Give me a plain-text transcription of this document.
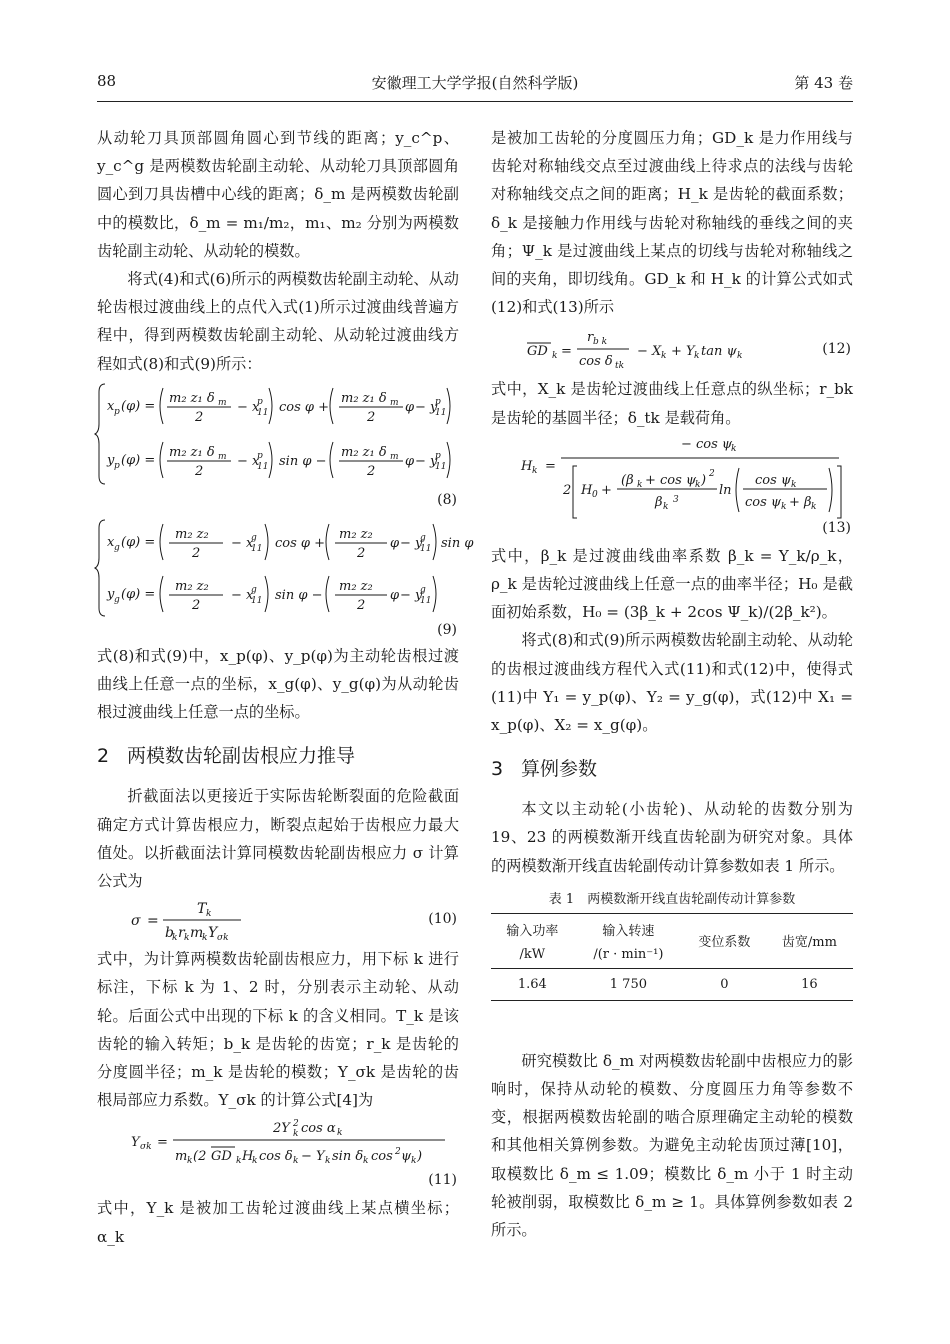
88	安徽理工大学学报(自然科学版)	第 43 卷

从动轮刀具顶部圆角圆心到节线的距离；y_c^p、y_c^g 是两模数齿轮副主动轮、从动轮刀具顶部圆角圆心到刀具齿槽中心线的距离；δ_m 是两模数齿轮副中的模数比，δ_m = m₁/m₂，m₁、m₂ 分别为两模数齿轮副主动轮、从动轮的模数。

将式(4)和式(6)所示的两模数齿轮副主动轮、从动轮齿根过渡曲线上的点代入式(1)所示过渡曲线普遍方程中，得到两模数齿轮副主动轮、从动轮过渡曲线方程如式(8)和式(9)所示：

x p (φ) =
m₂ z₁ δ m
2
− x
p
11 cos φ +
m₂ z₁ δ m
2
φ − y
p
11
y p (φ) =
m₂ z₁ δ m
2
− x
p
11 sin φ −
m₂ z₁ δ m
2
φ − y
p
11
(8)
x g (φ) =
m₂ z₂
2
− x
g
11 cos φ +
m₂ z₂
2
φ − y
g
11 sin φ
y g (φ) =
m₂ z₂
2
− x
g
11 sin φ −
m₂ z₂
2
φ − y
g
11
(9)

式(8)和式(9)中，x_p(φ)、y_p(φ)为主动轮齿根过渡曲线上任意一点的坐标，x_g(φ)、y_g(φ)为从动轮齿根过渡曲线上任意一点的坐标。

2 两模数齿轮副齿根应力推导

折截面法以更接近于实际齿轮断裂面的危险截面确定方式计算齿根应力，断裂点起始于齿根应力最大值处。以折截面法计算同模数齿轮副齿根应力 σ 计算公式为

σ =
T k
b
k r k m
k Y σk
(10)

式中，为计算两模数齿轮副齿根应力，用下标 k 进行标注，下标 k 为 1、2 时，分别表示主动轮、从动轮。后面公式中出现的下标 k 的含义相同。T_k 是该齿轮的输入转矩；b_k 是齿轮的齿宽；r_k 是齿轮的分度圆半径；m_k 是齿轮的模数；Y_σk 是齿轮的齿根局部应力系数。Y_σk 的计算公式[4]为

Y σk =
2Y 2
k cos α k
m k (2 GD k H
k cos δ k − Y k sin δ k cos 2 ψ k )
(11)

式中，Y_k 是被加工齿轮过渡曲线上某点横坐标；α_k

是被加工齿轮的分度圆压力角；GD_k 是力作用线与齿轮对称轴线交点至过渡曲线上待求点的法线与齿轮对称轴线交点之间的距离；H_k 是齿轮的截面系数；δ_k 是接触力作用线与齿轮对称轴线的垂线之间的夹角；Ψ_k 是过渡曲线上某点的切线与齿轮对称轴线之间的夹角，即切线角。GD_k 和 H_k 的计算公式如式(12)和式(13)所示

GD k =
r b k
cos δ tk
− X k + Y k tan ψ k	(12)

式中，X_k 是齿轮过渡曲线上任意点的纵坐标；r_bk 是齿轮的基圆半径；δ_tk 是载荷角。

H k =
− cos ψ
k
2 H 0 +
(β k + cos ψ
k ) 2
β k
3
ln
cos ψ k
cos ψ k + β k
(13)

式中，β_k 是过渡曲线曲率系数 β_k = Y_k/ρ_k，ρ_k 是齿轮过渡曲线上任意一点的曲率半径；H₀ 是截面初始系数，H₀ = (3β_k + 2cos Ψ_k)/(2β_k²)。

将式(8)和式(9)所示两模数齿轮副主动轮、从动轮的齿根过渡曲线方程代入式(11)和式(12)中，使得式(11)中 Y₁ = y_p(φ)、Y₂ = y_g(φ)，式(12)中 X₁ = x_p(φ)、X₂ = x_g(φ)。

3 算例参数

本文以主动轮(小齿轮)、从动轮的齿数分别为 19、23 的两模数渐开线直齿轮副为研究对象。具体的两模数渐开线直齿轮副传动计算参数如表 1 所示。

表 1　两模数渐开线直齿轮副传动计算参数
输入功率
/kW	输入转速
/(r · min⁻¹)	变位系数	齿宽/mm
1.64	1 750	0	16

研究模数比 δ_m 对两模数齿轮副中齿根应力的影响时，保持从动轮的模数、分度圆压力角等参数不变，根据两模数齿轮副的啮合原理确定主动轮的模数和其他相关算例参数。为避免主动轮齿顶过薄[10]，取模数比 δ_m ≤ 1.09；模数比 δ_m 小于 1 时主动轮被削弱，取模数比 δ_m ≥ 1。具体算例参数如表 2 所示。
